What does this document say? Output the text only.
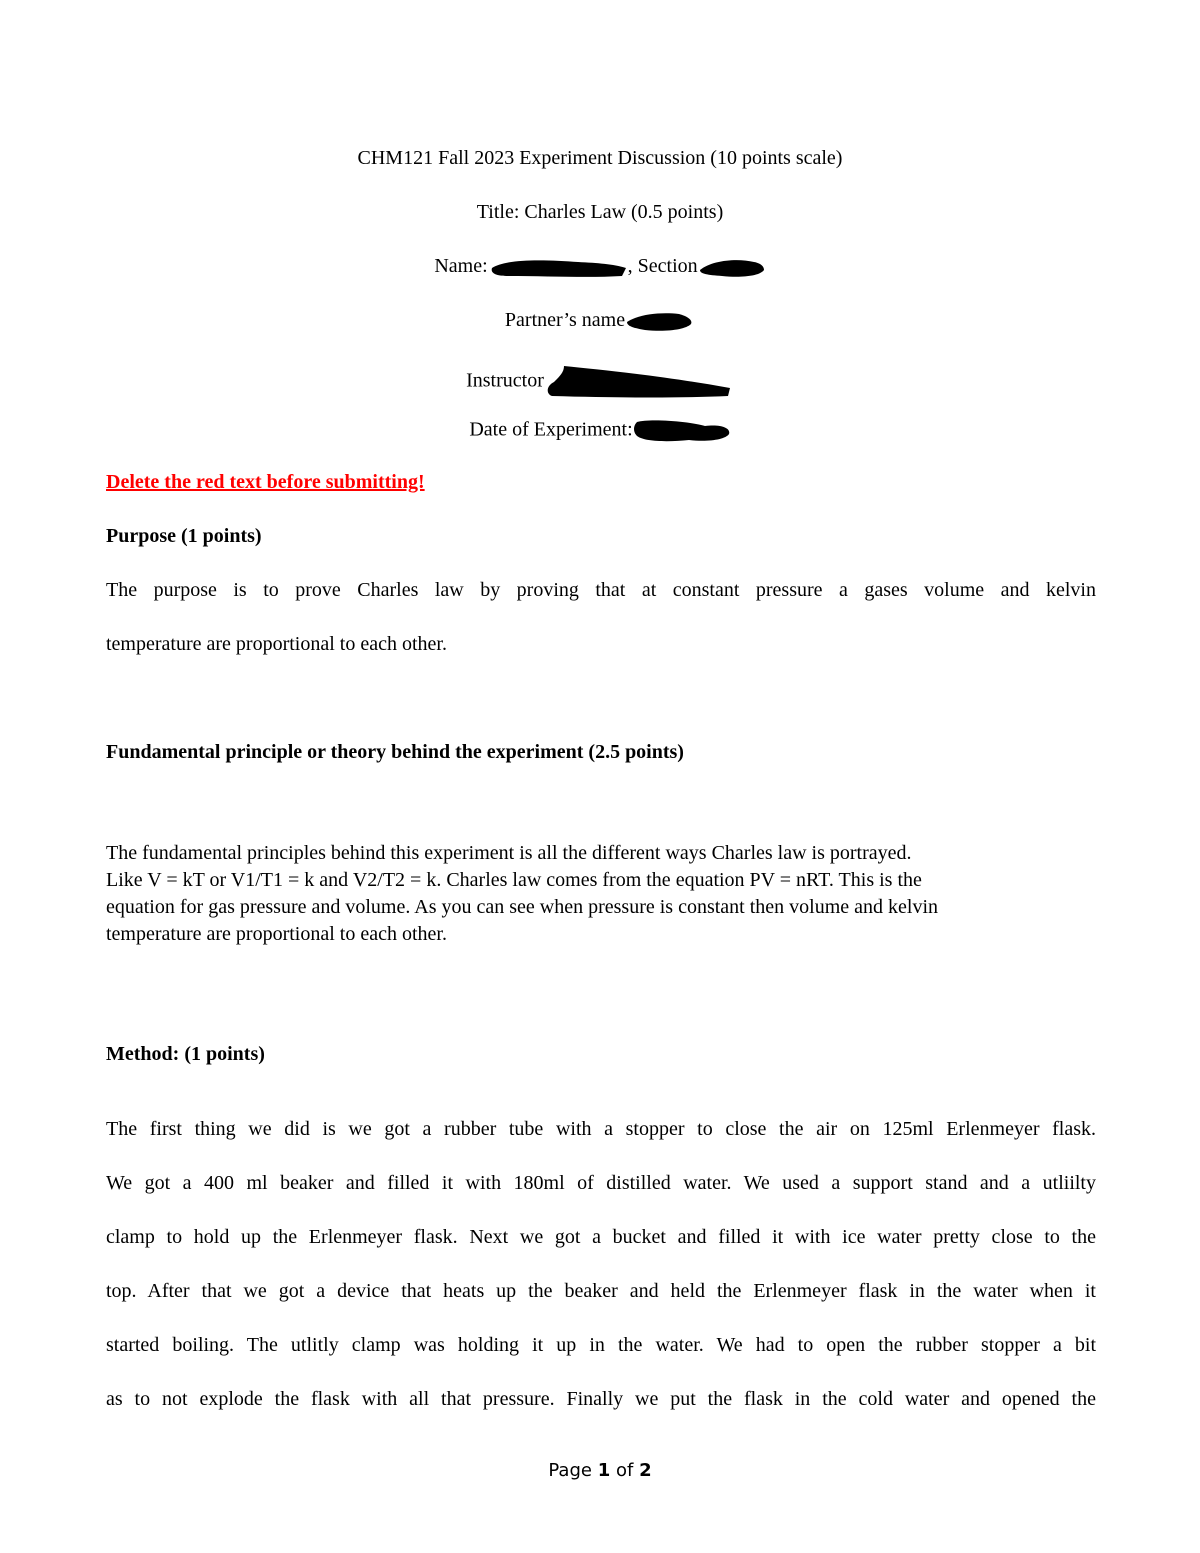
CHM121 Fall 2023 Experiment Discussion (10 points scale)
Title: Charles Law (0.5 points)
Name:	, Section
Partner’s name
Instructor
Date of Experiment:
Delete the red text before submitting!
Purpose (1 points)
The purpose is to prove Charles law by proving that at constant pressure a gases volume and kelvin
temperature are proportional to each other.
Fundamental principle or theory behind the experiment (2.5 points)
The fundamental principles behind this experiment is all the different ways Charles law is portrayed.
Like V = kT or V1/T1 = k and V2/T2 = k. Charles law comes from the equation PV = nRT. This is the
equation for gas pressure and volume. As you can see when pressure is constant then volume and kelvin
temperature are proportional to each other.
Method: (1 points)
The first thing we did is we got a rubber tube with a stopper to close the air on 125ml Erlenmeyer flask.
We got a 400 ml beaker and filled it with 180ml of distilled water. We used a support stand and a utliilty
clamp to hold up the Erlenmeyer flask. Next we got a bucket and filled it with ice water pretty close to the
top. After that we got a device that heats up the beaker and held the Erlenmeyer flask in the water when it
started boiling. The utlitly clamp was holding it up in the water. We had to open the rubber stopper a bit
as to not explode the flask with all that pressure. Finally we put the flask in the cold water and opened the
Page 1 of 2
